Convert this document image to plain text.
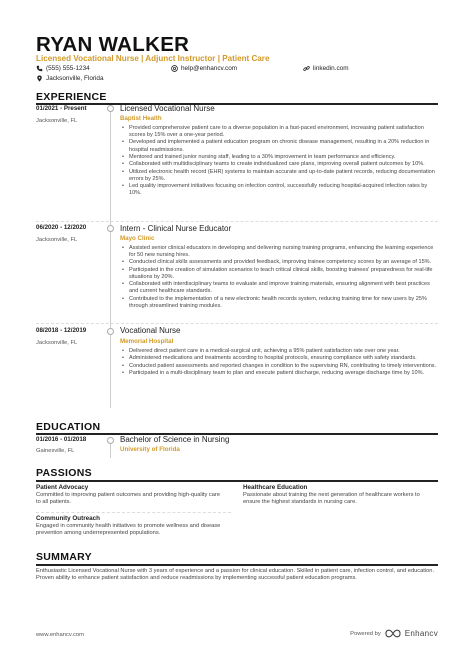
RYAN WALKER
Licensed Vocational Nurse | Adjunct Instructor | Patient Care
(555) 555-1234	help@enhancv.com	linkedin.com
Jacksonville, Florida
EXPERIENCE
01/2021 - Present
Jacksonville, FL
Licensed Vocational Nurse
Baptist Health
• Provided comprehensive patient care to a diverse population in a fast-paced environment, increasing patient satisfaction scores by 15% over a one-year period.
• Developed and implemented a patient education program on chronic disease management, resulting in a 20% reduction in hospital readmissions.
• Mentored and trained junior nursing staff, leading to a 30% improvement in team performance and efficiency.
• Collaborated with multidisciplinary teams to create individualized care plans, improving overall patient outcomes by 10%.
• Utilized electronic health record (EHR) systems to maintain accurate and up-to-date patient records, reducing documentation errors by 25%.
• Led quality improvement initiatives focusing on infection control, successfully reducing hospital-acquired infection rates by 10%.
06/2020 - 12/2020
Jacksonville, FL
Intern - Clinical Nurse Educator
Mayo Clinic
• Assisted senior clinical educators in developing and delivering nursing training programs, enhancing the learning experience for 50 new nursing hires.
• Conducted clinical skills assessments and provided feedback, improving trainee competency scores by an average of 15%.
• Participated in the creation of simulation scenarios to teach critical clinical skills, boosting trainees' preparedness for real-life situations by 20%.
• Collaborated with interdisciplinary teams to evaluate and improve training materials, ensuring alignment with best practices and current healthcare standards.
• Contributed to the implementation of a new electronic health records system, reducing training time for new users by 25% through streamlined training modules.
08/2018 - 12/2019
Jacksonville, FL
Vocational Nurse
Memorial Hospital
• Delivered direct patient care in a medical-surgical unit, achieving a 95% patient satisfaction rate over one year.
• Administered medications and treatments according to hospital protocols, ensuring compliance with safety standards.
• Conducted patient assessments and reported changes in condition to the supervising RN, contributing to timely interventions.
• Participated in a multi-disciplinary team to plan and execute patient discharge, reducing average discharge time by 10%.
EDUCATION
01/2016 - 01/2018
Gainesville, FL
Bachelor of Science in Nursing
University of Florida
PASSIONS
Patient Advocacy
Committed to improving patient outcomes and providing high-quality care to all patients.
Healthcare Education
Passionate about training the next generation of healthcare workers to ensure the highest standards in nursing care.
Community Outreach
Engaged in community health initiatives to promote wellness and disease prevention among underrepresented populations.
SUMMARY
Enthusiastic Licensed Vocational Nurse with 3 years of experience and a passion for clinical education. Skilled in patient care, infection control, and education. Proven ability to enhance patient satisfaction and reduce readmissions by implementing successful patient education programs.
www.enhancv.com	Powered by	Enhancv
